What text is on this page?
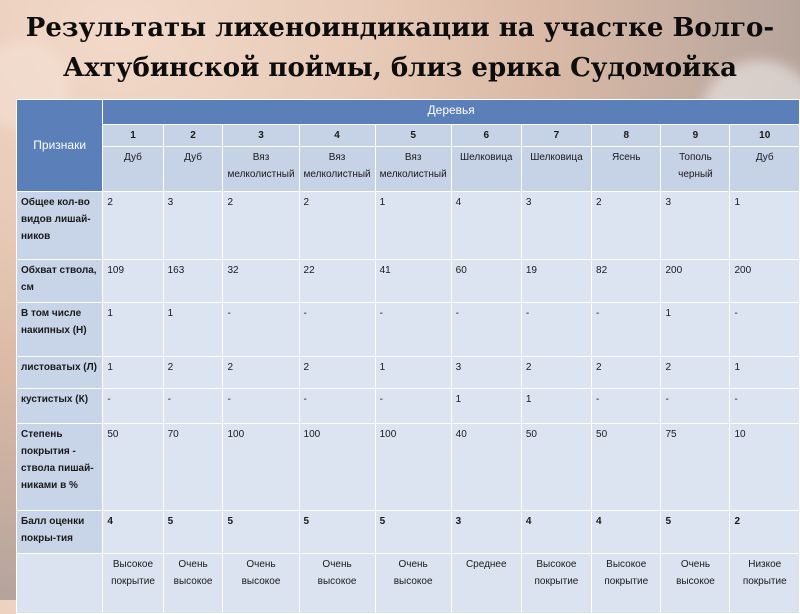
Результаты лихеноиндикации на участке Волго-Ахтубинской поймы, близ ерика Судомойка
Признаки	Деревья									
	1	2	3	4	5	6	7	8	9	10
	Дуб	Дуб	Вяз мелколистный	Вяз мелколистный	Вяз мелколистный	Шелковица	Шелковица	Ясень	Тополь черный	Дуб
Общее кол-во видов лишай-ников	2	3	2	2	1	4	3	2	3	1
Обхват ствола, см	109	163	32	22	41	60	19	82	200	200
В том числе накипных (Н)	1	1	-	-	-	-	-	-	1	-
листоватых (Л)	1	2	2	2	1	3	2	2	2	1
кустистых (К)	-	-	-	-	-	1	1	-	-	-
Степень покрытия - ствола пишай-никами в %	50	70	100	100	100	40	50	50	75	10
Балл оценки покры-тия	4	5	5	5	5	3	4	4	5	2
	Высокое покрытие	Очень высокое	Очень высокое	Очень высокое	Очень высокое	Среднее	Высокое покрытие	Высокое покрытие	Очень высокое	Низкое покрытие
